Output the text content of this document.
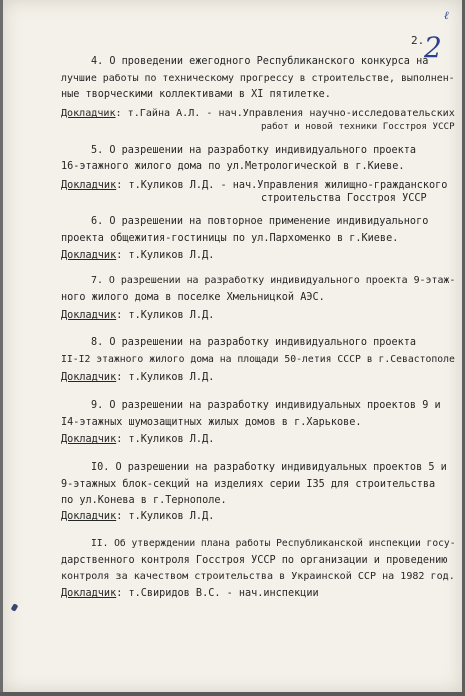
ℓ
2. 2
4. О проведении ежегодного Республиканского конкурса на
лучшие работы по техническому прогрессу в строительстве, выполнен-
ные творческими коллективами в XI пятилетке.
Докладчик: т.Гайна А.Л. - нач.Управления научно-исследовательских
работ и новой техники Госстроя УССР
5. О разрешении на разработку индивидуального проекта
16-этажного жилого дома по ул.Метрологической в г.Киеве.
Докладчик: т.Куликов Л.Д. - нач.Управления жилищно-гражданского
строительства Госстроя УССР
6. О разрешении на повторное применение индивидуального
проекта общежития-гостиницы по ул.Пархоменко в г.Киеве.
Докладчик: т.Куликов Л.Д.
7. О разрешении на разработку индивидуального проекта 9-этаж-
ного жилого дома в поселке Хмельницкой АЭС.
Докладчик: т.Куликов Л.Д.
8. О разрешении на разработку индивидуального проекта
II-I2 этажного жилого дома на площади 50-летия СССР в г.Севастополе
Докладчик: т.Куликов Л.Д.
9. О разрешении на разработку индивидуальных проектов 9 и
I4-этажных шумозащитных жилых домов в г.Харькове.
Докладчик: т.Куликов Л.Д.
I0. О разрешении на разработку индивидуальных проектов 5 и
9-этажных блок-секций на изделиях серии I35 для строительства
по ул.Конева в г.Тернополе.
Докладчик: т.Куликов Л.Д.
II. Об утверждении плана работы Республиканской инспекции госу-
дарственного контроля Госстроя УССР по организации и проведению
контроля за качеством строительства в Украинской ССР на 1982 год.
Докладчик: т.Свиридов В.С. - нач.инспекции
